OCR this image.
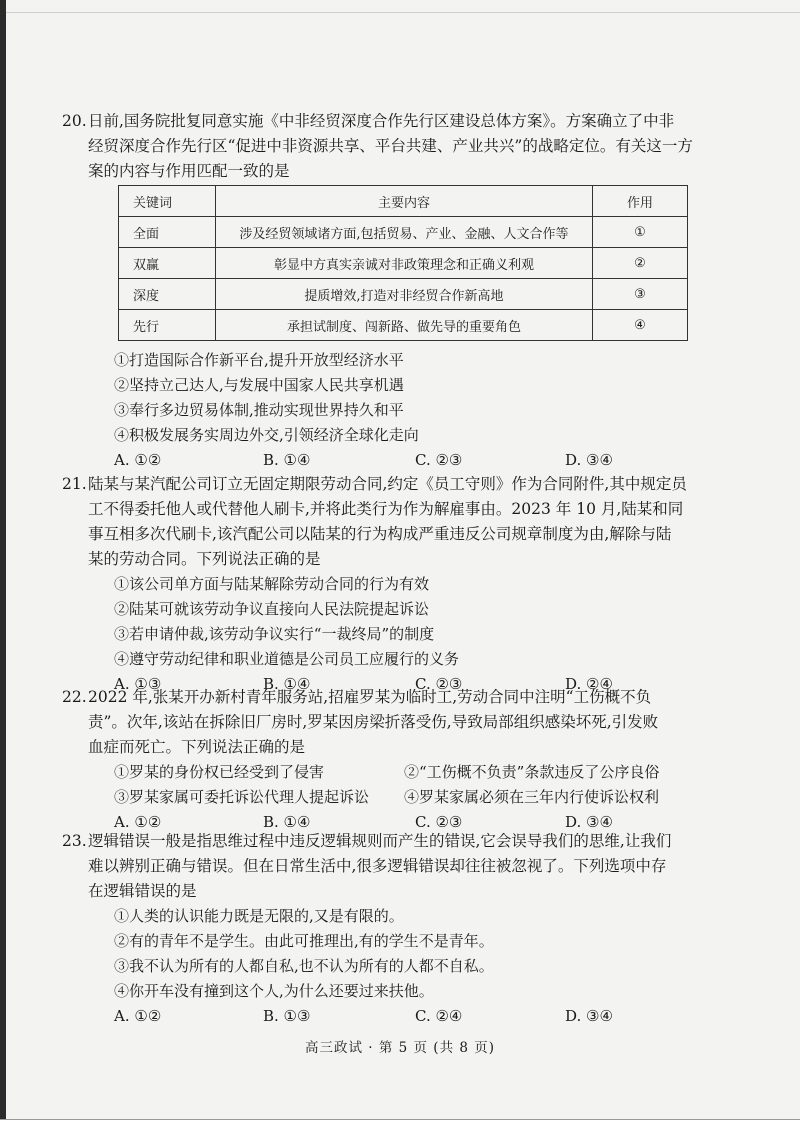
20.日前,国务院批复同意实施《中非经贸深度合作先行区建设总体方案》。方案确立了中非
经贸深度合作先行区“促进中非资源共享、平台共建、产业共兴”的战略定位。有关这一方
案的内容与作用匹配一致的是
关键词	主要内容	作用
全面	涉及经贸领域诸方面,包括贸易、产业、金融、人文合作等	①
双赢	彰显中方真实亲诚对非政策理念和正确义利观	②
深度	提质增效,打造对非经贸合作新高地	③
先行	承担试制度、闯新路、做先导的重要角色	④
①打造国际合作新平台,提升开放型经济水平
②坚持立己达人,与发展中国家人民共享机遇
③奉行多边贸易体制,推动实现世界持久和平
④积极发展务实周边外交,引领经济全球化走向
A. ①②	B. ①④	C. ②③	D. ③④
21.陆某与某汽配公司订立无固定期限劳动合同,约定《员工守则》作为合同附件,其中规定员
工不得委托他人或代替他人刷卡,并将此类行为作为解雇事由。2023 年 10 月,陆某和同
事互相多次代刷卡,该汽配公司以陆某的行为构成严重违反公司规章制度为由,解除与陆
某的劳动合同。下列说法正确的是
①该公司单方面与陆某解除劳动合同的行为有效
②陆某可就该劳动争议直接向人民法院提起诉讼
③若申请仲裁,该劳动争议实行“一裁终局”的制度
④遵守劳动纪律和职业道德是公司员工应履行的义务
A. ①③	B. ①④	C. ②③	D. ②④
22.2022 年,张某开办新村青年服务站,招雇罗某为临时工,劳动合同中注明“工伤概不负
责”。次年,该站在拆除旧厂房时,罗某因房梁折落受伤,导致局部组织感染坏死,引发败
血症而死亡。下列说法正确的是
①罗某的身份权已经受到了侵害	②“工伤概不负责”条款违反了公序良俗
③罗某家属可委托诉讼代理人提起诉讼 ④罗某家属必须在三年内行使诉讼权利
A. ①②	B. ①④	C. ②③	D. ③④
23.逻辑错误一般是指思维过程中违反逻辑规则而产生的错误,它会误导我们的思维,让我们
难以辨别正确与错误。但在日常生活中,很多逻辑错误却往往被忽视了。下列选项中存
在逻辑错误的是
①人类的认识能力既是无限的,又是有限的。
②有的青年不是学生。由此可推理出,有的学生不是青年。
③我不认为所有的人都自私,也不认为所有的人都不自私。
④你开车没有撞到这个人,为什么还要过来扶他。
A. ①②	B. ①③	C. ②④	D. ③④
高三政试 · 第 5 页 (共 8 页)
